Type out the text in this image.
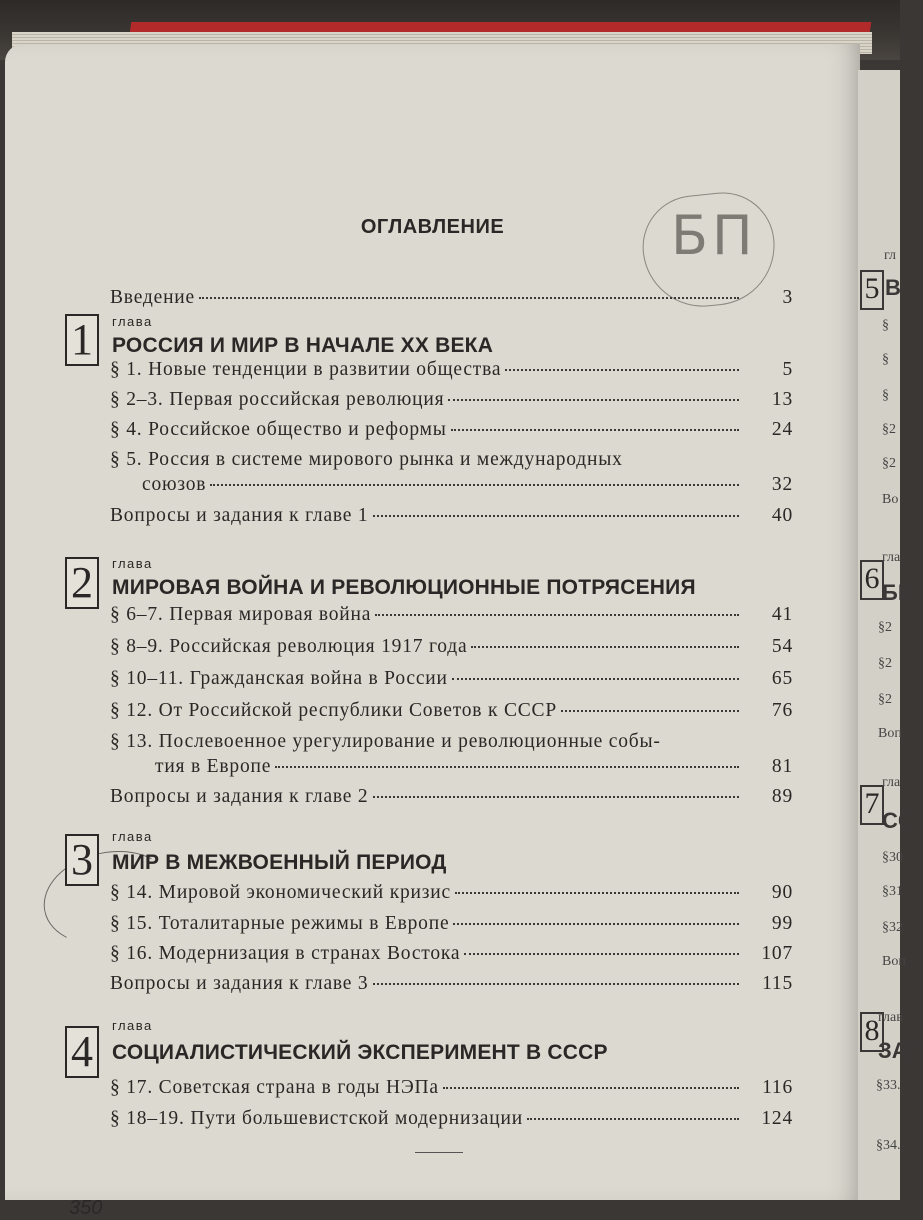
БП
ОГЛАВЛЕНИЕ
Введение	3
1	глава
РОССИЯ И МИР В НАЧАЛЕ XX ВЕКА
§ 1. Новые тенденции в развитии общества	5
§ 2–3. Первая российская революция	13
§ 4. Российское общество и реформы	24
§ 5. Россия в системе мирового рынка и международных
союзов	32
Вопросы и задания к главе 1	40
2	глава
МИРОВАЯ ВОЙНА И РЕВОЛЮЦИОННЫЕ ПОТРЯСЕНИЯ
§ 6–7. Первая мировая война	41
§ 8–9. Российская революция 1917 года	54
§ 10–11. Гражданская война в России	65
§ 12. От Российской республики Советов к СССР	76
§ 13. Послевоенное урегулирование и революционные собы-
тия в Европе	81
Вопросы и задания к главе 2	89
3	глава
МИР В МЕЖВОЕННЫЙ ПЕРИОД
§ 14. Мировой экономический кризис	90
§ 15. Тоталитарные режимы в Европе	99
§ 16. Модернизация в странах Востока	107
Вопросы и задания к главе 3	115
4
глава
СОЦИАЛИСТИЧЕСКИЙ ЭКСПЕРИМЕНТ В СССР
§ 17. Советская страна в годы НЭПа	116
§ 18–19. Пути большевистской модернизации	124
350
5
гл
В
§
§
§
§2
§2
Во
6
гла
БИ
§2
§2
§2
Воп
7
гла
СС
§30
§31
§32
Воп
8
глав
ЗАП
§33.
§34.
